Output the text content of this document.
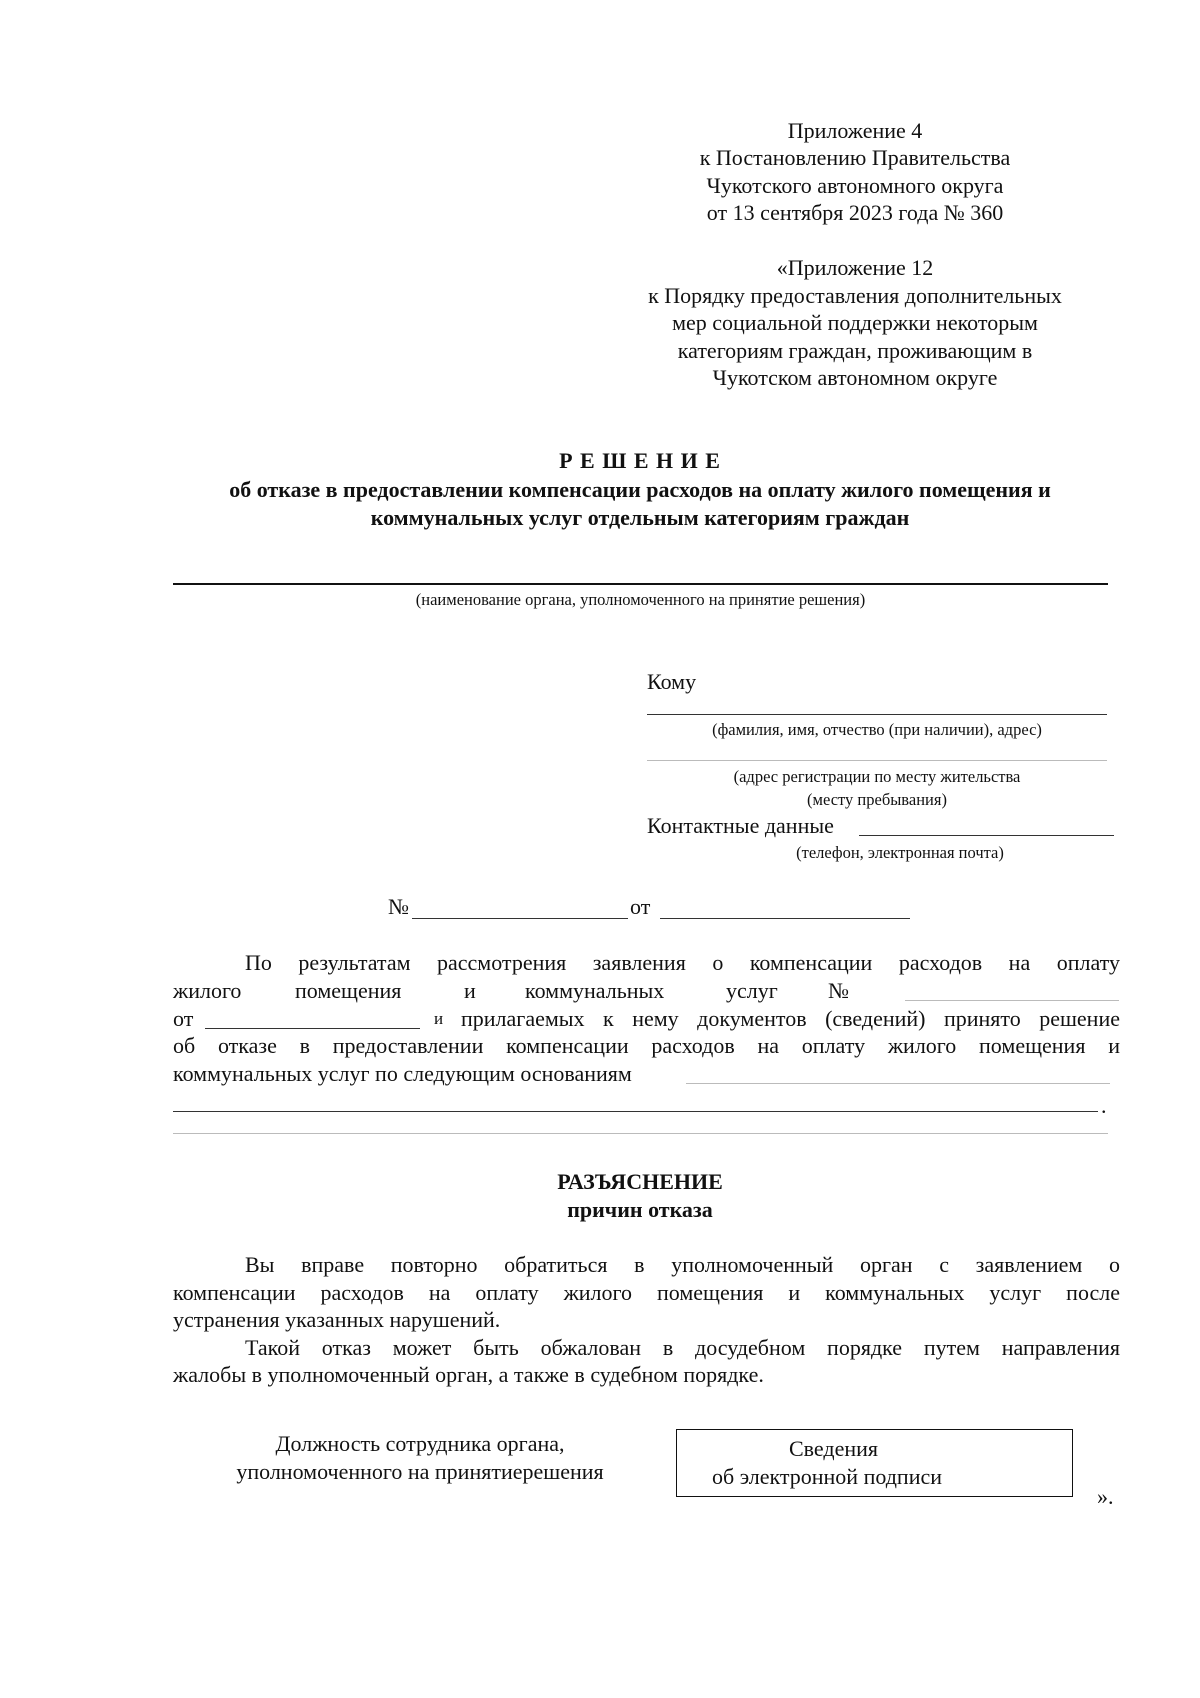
Приложение 4
к Постановлению Правительства
Чукотского автономного округа
от 13 сентября 2023 года № 360
«Приложение 12
к Порядку предоставления дополнительных
мер социальной поддержки некоторым
категориям граждан, проживающим в
Чукотском автономном округе
Р Е Ш Е Н И Е
об отказе в предоставлении компенсации расходов на оплату жилого помещения и
коммунальных услуг отдельным категориям граждан
(наименование органа, уполномоченного на принятие решения)
Кому
(фамилия, имя, отчество (при наличии), адрес)
(адрес регистрации по месту жительства
(месту пребывания)
Контактные данные
(телефон, электронная почта)
№	от
По результатам рассмотрения заявления о компенсации расходов на оплату
жилого помещения	и коммунальных	услуг №
от	и прилагаемых к нему документов (сведений) принято решение
об отказе в предоставлении компенсации расходов на оплату жилого помещения и
коммунальных услуг по следующим основаниям
.
РАЗЪЯСНЕНИЕ
причин отказа
Вы вправе повторно обратиться в уполномоченный орган с заявлением о
компенсации расходов на оплату жилого помещения и коммунальных услуг после
устранения указанных нарушений.
Такой отказ может быть обжалован в досудебном порядке путем направления
жалобы в уполномоченный орган, а также в судебном порядке.
Должность сотрудника органа,
уполномоченного на принятиерешения
Сведения
об электронной подписи
».
